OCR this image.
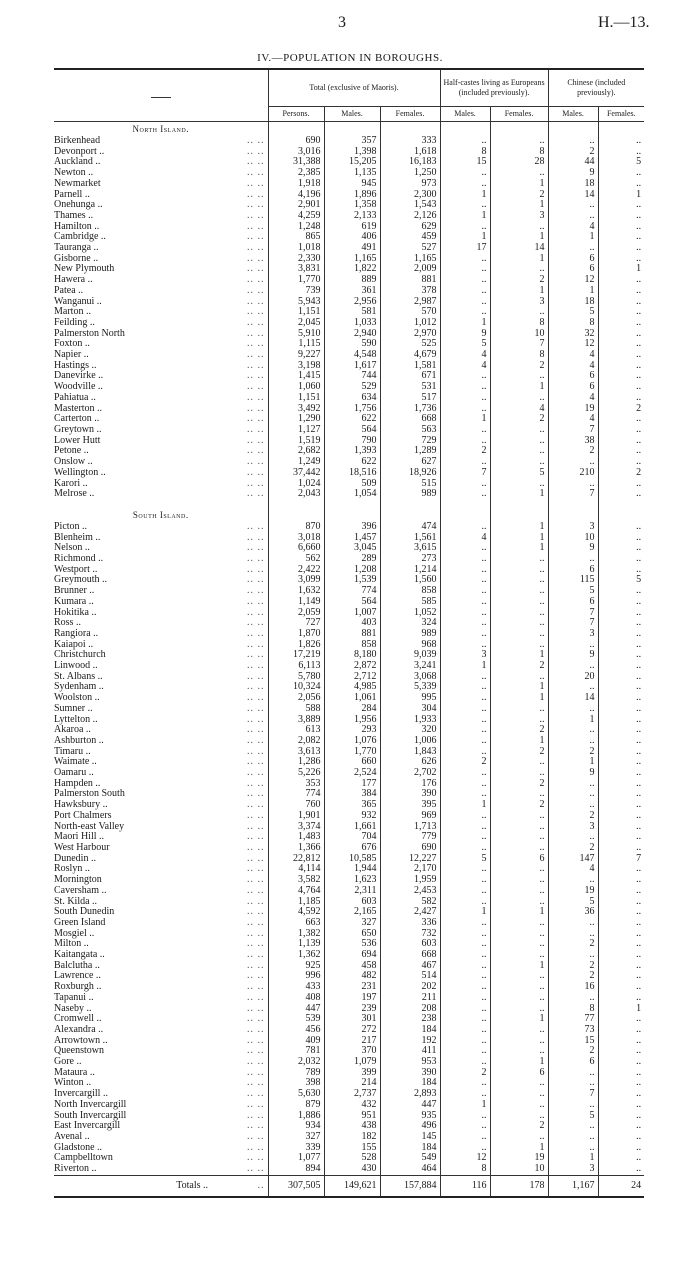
3	H.—13.
IV.—POPULATION IN BOROUGHS.
		Total (exclusive of Maoris).			Half-castes living as Europeans (included previously).		Chinese (included previously).	
		Persons.	Males.	Females.	Males.	Females.	Males.	Females.
North Island.								
Birkenhead	.. ..	690	357	333	..	..	..	..
Devonport ..	.. ..	3,016	1,398	1,618	8	8	2	..
Auckland ..	.. ..	31,388	15,205	16,183	15	28	44	5
Newton ..	.. ..	2,385	1,135	1,250	..	..	9	..
Newmarket	.. ..	1,918	945	973	..	1	18	..
Parnell ..	.. ..	4,196	1,896	2,300	1	2	14	1
Onehunga ..	.. ..	2,901	1,358	1,543	..	1	..	..
Thames ..	.. ..	4,259	2,133	2,126	1	3	..	..
Hamilton ..	.. ..	1,248	619	629	..	..	4	..
Cambridge ..	.. ..	865	406	459	1	1	1	..
Tauranga ..	.. ..	1,018	491	527	17	14	..	..
Gisborne ..	.. ..	2,330	1,165	1,165	..	1	6	..
New Plymouth	.. ..	3,831	1,822	2,009	..	..	6	1
Hawera ..	.. ..	1,770	889	881	..	2	12	..
Patea ..	.. ..	739	361	378	..	1	1	..
Wanganui ..	.. ..	5,943	2,956	2,987	..	3	18	..
Marton ..	.. ..	1,151	581	570	..	..	5	..
Feilding ..	.. ..	2,045	1,033	1,012	1	8	8	..
Palmerston North	.. ..	5,910	2,940	2,970	9	10	32	..
Foxton ..	.. ..	1,115	590	525	5	7	12	..
Napier ..	.. ..	9,227	4,548	4,679	4	8	4	..
Hastings ..	.. ..	3,198	1,617	1,581	4	2	4	..
Danevirke ..	.. ..	1,415	744	671	..	..	6	..
Woodville ..	.. ..	1,060	529	531	..	1	6	..
Pahiatua ..	.. ..	1,151	634	517	..	..	4	..
Masterton ..	.. ..	3,492	1,756	1,736	..	4	19	2
Carterton ..	.. ..	1,290	622	668	1	2	4	..
Greytown ..	.. ..	1,127	564	563	..	..	7	..
Lower Hutt	.. ..	1,519	790	729	..	..	38	..
Petone ..	.. ..	2,682	1,393	1,289	2	..	2	..
Onslow ..	.. ..	1,249	622	627	..	..	..	..
Wellington ..	.. ..	37,442	18,516	18,926	7	5	210	2
Karori ..	.. ..	1,024	509	515	..	..	..	..
Melrose ..	.. ..	2,043	1,054	989	..	1	7	..

South Island.								
Picton ..	.. ..	870	396	474	..	1	3	..
Blenheim ..	.. ..	3,018	1,457	1,561	4	1	10	..
Nelson ..	.. ..	6,660	3,045	3,615	..	1	9	..
Richmond ..	.. ..	562	289	273	..	..	..	..
Westport ..	.. ..	2,422	1,208	1,214	..	..	6	..
Greymouth ..	.. ..	3,099	1,539	1,560	..	..	115	5
Brunner ..	.. ..	1,632	774	858	..	..	5	..
Kumara ..	.. ..	1,149	564	585	..	..	6	..
Hokitika ..	.. ..	2,059	1,007	1,052	..	..	7	..
Ross ..	.. ..	727	403	324	..	..	7	..
Rangiora ..	.. ..	1,870	881	989	..	..	3	..
Kaiapoi ..	.. ..	1,826	858	968	..	..	..	..
Christchurch	.. ..	17,219	8,180	9,039	3	1	9	..
Linwood ..	.. ..	6,113	2,872	3,241	1	2	..	..
St. Albans ..	.. ..	5,780	2,712	3,068	..	..	20	..
Sydenham ..	.. ..	10,324	4,985	5,339	..	1	..	..
Woolston ..	.. ..	2,056	1,061	995	..	1	14	..
Sumner ..	.. ..	588	284	304	..	..	..	..
Lyttelton ..	.. ..	3,889	1,956	1,933	..	..	1	..
Akaroa ..	.. ..	613	293	320	..	2	..	..
Ashburton ..	.. ..	2,082	1,076	1,006	..	1	..	..
Timaru ..	.. ..	3,613	1,770	1,843	..	2	2	..
Waimate ..	.. ..	1,286	660	626	2	..	1	..
Oamaru ..	.. ..	5,226	2,524	2,702	..	..	9	..
Hampden ..	.. ..	353	177	176	..	2	..	..
Palmerston South	.. ..	774	384	390	..	..	..	..
Hawksbury ..	.. ..	760	365	395	1	2	..	..
Port Chalmers	.. ..	1,901	932	969	..	..	2	..
North-east Valley	.. ..	3,374	1,661	1,713	..	..	3	..
Maori Hill ..	.. ..	1,483	704	779	..	..	..	..
West Harbour	.. ..	1,366	676	690	..	..	2	..
Dunedin ..	.. ..	22,812	10,585	12,227	5	6	147	7
Roslyn ..	.. ..	4,114	1,944	2,170	..	..	4	..
Mornington	.. ..	3,582	1,623	1,959	..	..	..	..
Caversham ..	.. ..	4,764	2,311	2,453	..	..	19	..
St. Kilda ..	.. ..	1,185	603	582	..	..	5	..
South Dunedin	.. ..	4,592	2,165	2,427	1	1	36	..
Green Island	.. ..	663	327	336	..	..	..	..
Mosgiel ..	.. ..	1,382	650	732	..	..	..	..
Milton ..	.. ..	1,139	536	603	..	..	2	..
Kaitangata ..	.. ..	1,362	694	668	..	..	..	..
Balclutha ..	.. ..	925	458	467	..	1	2	..
Lawrence ..	.. ..	996	482	514	..	..	2	..
Roxburgh ..	.. ..	433	231	202	..	..	16	..
Tapanui ..	.. ..	408	197	211	..	..	..	..
Naseby ..	.. ..	447	239	208	..	..	8	1
Cromwell ..	.. ..	539	301	238	..	1	77	..
Alexandra ..	.. ..	456	272	184	..	..	73	..
Arrowtown ..	.. ..	409	217	192	..	..	15	..
Queenstown	.. ..	781	370	411	..	..	2	..
Gore ..	.. ..	2,032	1,079	953	..	1	6	..
Mataura ..	.. ..	789	399	390	2	6	..	..
Winton ..	.. ..	398	214	184	..	..	..	..
Invercargill ..	.. ..	5,630	2,737	2,893	..	..	7	..
North Invercargill	.. ..	879	432	447	1	..	..	..
South Invercargill	.. ..	1,886	951	935	..	..	5	..
East Invercargill	.. ..	934	438	496	..	2	..	..
Avenal ..	.. ..	327	182	145	..	..	..	..
Gladstone ..	.. ..	339	155	184	..	1	..	..
Campbelltown	.. ..	1,077	528	549	12	19	1	..
Riverton ..	.. ..	894	430	464	8	10	3	..
Totals ..	..	307,505	149,621	157,884	116	178	1,167	24
